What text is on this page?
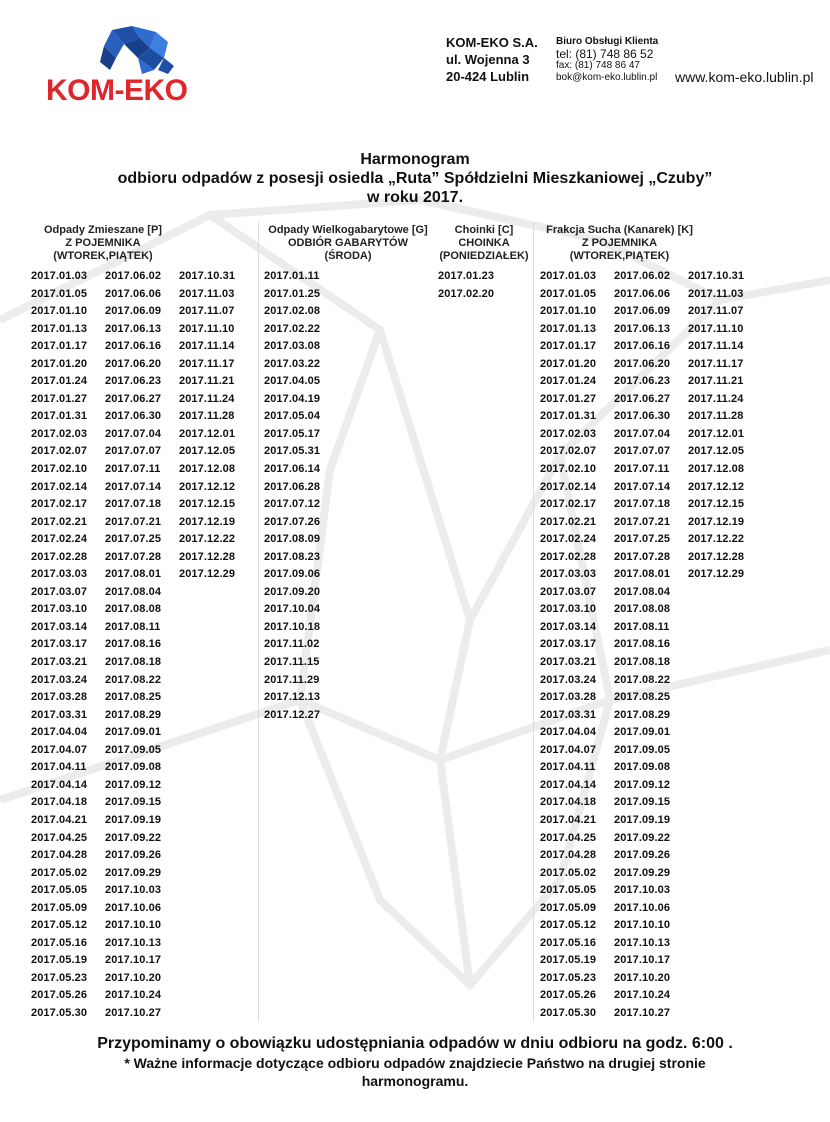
KOM-EKO
KOM-EKO S.A.
ul. Wojenna 3
20-424 Lublin
Biuro Obsługi Klienta
tel: (81) 748 86 52
fax: (81) 748 86 47
bok@kom-eko.lublin.pl www.kom-eko.lublin.pl
Harmonogram
odbioru odpadów z posesji osiedla „Ruta” Spółdzielni Mieszkaniowej „Czuby”
w roku 2017.
Odpady Zmieszane [P]
Z POJEMNIKA
(WTOREK,PIĄTEK)
2017.01.03
2017.01.05
2017.01.10
2017.01.13
2017.01.17
2017.01.20
2017.01.24
2017.01.27
2017.01.31
2017.02.03
2017.02.07
2017.02.10
2017.02.14
2017.02.17
2017.02.21
2017.02.24
2017.02.28
2017.03.03
2017.03.07
2017.03.10
2017.03.14
2017.03.17
2017.03.21
2017.03.24
2017.03.28
2017.03.31
2017.04.04
2017.04.07
2017.04.11
2017.04.14
2017.04.18
2017.04.21
2017.04.25
2017.04.28
2017.05.02
2017.05.05
2017.05.09
2017.05.12
2017.05.16
2017.05.19
2017.05.23
2017.05.26
2017.05.30
2017.06.02
2017.06.06
2017.06.09
2017.06.13
2017.06.16
2017.06.20
2017.06.23
2017.06.27
2017.06.30
2017.07.04
2017.07.07
2017.07.11
2017.07.14
2017.07.18
2017.07.21
2017.07.25
2017.07.28
2017.08.01
2017.08.04
2017.08.08
2017.08.11
2017.08.16
2017.08.18
2017.08.22
2017.08.25
2017.08.29
2017.09.01
2017.09.05
2017.09.08
2017.09.12
2017.09.15
2017.09.19
2017.09.22
2017.09.26
2017.09.29
2017.10.03
2017.10.06
2017.10.10
2017.10.13
2017.10.17
2017.10.20
2017.10.24
2017.10.27
2017.10.31
2017.11.03
2017.11.07
2017.11.10
2017.11.14
2017.11.17
2017.11.21
2017.11.24
2017.11.28
2017.12.01
2017.12.05
2017.12.08
2017.12.12
2017.12.15
2017.12.19
2017.12.22
2017.12.28
2017.12.29
Odpady Wielkogabarytowe [G]
ODBIÓR GABARYTÓW
(ŚRODA)
2017.01.11
2017.01.25
2017.02.08
2017.02.22
2017.03.08
2017.03.22
2017.04.05
2017.04.19
2017.05.04
2017.05.17
2017.05.31
2017.06.14
2017.06.28
2017.07.12
2017.07.26
2017.08.09
2017.08.23
2017.09.06
2017.09.20
2017.10.04
2017.10.18
2017.11.02
2017.11.15
2017.11.29
2017.12.13
2017.12.27
Choinki [C]
CHOINKA
(PONIEDZIAŁEK)
2017.01.23
2017.02.20
Frakcja Sucha (Kanarek) [K]
Z POJEMNIKA
(WTOREK,PIĄTEK)
2017.01.03
2017.01.05
2017.01.10
2017.01.13
2017.01.17
2017.01.20
2017.01.24
2017.01.27
2017.01.31
2017.02.03
2017.02.07
2017.02.10
2017.02.14
2017.02.17
2017.02.21
2017.02.24
2017.02.28
2017.03.03
2017.03.07
2017.03.10
2017.03.14
2017.03.17
2017.03.21
2017.03.24
2017.03.28
2017.03.31
2017.04.04
2017.04.07
2017.04.11
2017.04.14
2017.04.18
2017.04.21
2017.04.25
2017.04.28
2017.05.02
2017.05.05
2017.05.09
2017.05.12
2017.05.16
2017.05.19
2017.05.23
2017.05.26
2017.05.30
2017.06.02
2017.06.06
2017.06.09
2017.06.13
2017.06.16
2017.06.20
2017.06.23
2017.06.27
2017.06.30
2017.07.04
2017.07.07
2017.07.11
2017.07.14
2017.07.18
2017.07.21
2017.07.25
2017.07.28
2017.08.01
2017.08.04
2017.08.08
2017.08.11
2017.08.16
2017.08.18
2017.08.22
2017.08.25
2017.08.29
2017.09.01
2017.09.05
2017.09.08
2017.09.12
2017.09.15
2017.09.19
2017.09.22
2017.09.26
2017.09.29
2017.10.03
2017.10.06
2017.10.10
2017.10.13
2017.10.17
2017.10.20
2017.10.24
2017.10.27
2017.10.31
2017.11.03
2017.11.07
2017.11.10
2017.11.14
2017.11.17
2017.11.21
2017.11.24
2017.11.28
2017.12.01
2017.12.05
2017.12.08
2017.12.12
2017.12.15
2017.12.19
2017.12.22
2017.12.28
2017.12.29
Przypominamy o obowiązku udostępniania odpadów w dniu odbioru na godz. 6:00 .
* Ważne informacje dotyczące odbioru odpadów znajdziecie Państwo na drugiej stronie
harmonogramu.
